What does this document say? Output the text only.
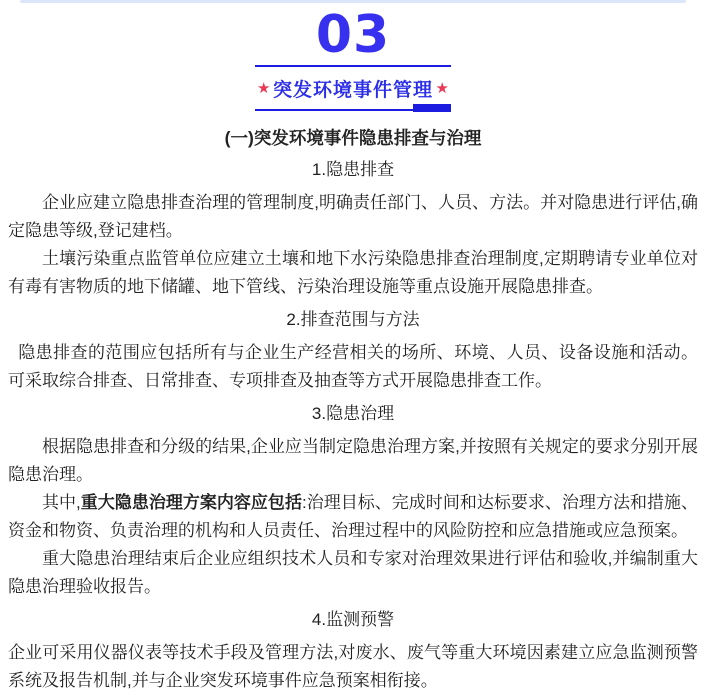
03
★ 突发环境事件管理 ★
(一)突发环境事件隐患排查与治理
1.隐患排查

企业应建立隐患排查治理的管理制度,明确责任部门、人员、方法。并对隐患进行评估,确定隐患等级,登记建档。

土壤污染重点监管单位应建立土壤和地下水污染隐患排查治理制度,定期聘请专业单位对有毒有害物质的地下储罐、地下管线、污染治理设施等重点设施开展隐患排查。

2.排查范围与方法

隐患排查的范围应包括所有与企业生产经营相关的场所、环境、人员、设备设施和活动。可采取综合排查、日常排查、专项排查及抽查等方式开展隐患排查工作。

3.隐患治理

根据隐患排查和分级的结果,企业应当制定隐患治理方案,并按照有关规定的要求分别开展隐患治理。

其中,重大隐患治理方案内容应包括:治理目标、完成时间和达标要求、治理方法和措施、资金和物资、负责治理的机构和人员责任、治理过程中的风险防控和应急措施或应急预案。

重大隐患治理结束后企业应组织技术人员和专家对治理效果进行评估和验收,并编制重大隐患治理验收报告。

4.监测预警

企业可采用仪器仪表等技术手段及管理方法,对废水、废气等重大环境因素建立应急监测预警系统及报告机制,并与企业突发环境事件应急预案相衔接。
